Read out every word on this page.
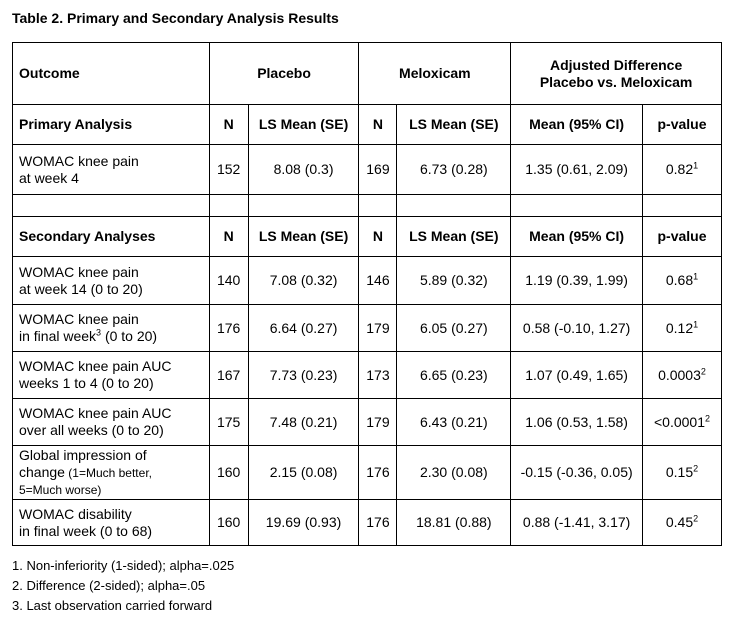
Table 2. Primary and Secondary Analysis Results
Outcome	Placebo		Meloxicam		Adjusted Difference
Placebo vs. Meloxicam	

Primary Analysis	N	LS Mean (SE)	N	LS Mean (SE)	Mean (95% CI)	p-value

WOMAC knee pain
at week 4	152	8.08 (0.3)	169	6.73 (0.28)	1.35 (0.61, 2.09)	0.82$^1$

Secondary Analyses	N	LS Mean (SE)	N	LS Mean (SE)	Mean (95% CI)	p-value

WOMAC knee pain
at week 14 (0 to 20)	140	7.08 (0.32)	146	5.89 (0.32)	1.19 (0.39, 1.99)	0.68$^1$

WOMAC knee pain
in final week$^3$ (0 to 20)	176	6.64 (0.27)	179	6.05 (0.27)	0.58 (-0.10, 1.27)	0.12$^1$

WOMAC knee pain AUC
weeks 1 to 4 (0 to 20)	167	7.73 (0.23)	173	6.65 (0.23)	1.07 (0.49, 1.65)	0.0003$^2$

WOMAC knee pain AUC
over all weeks (0 to 20)	175	7.48 (0.21)	179	6.43 (0.21)	1.06 (0.53, 1.58)	$<0.0001^2$

Global impression of
change (1=Much better,
5=Much worse)	160	2.15 (0.08)	176	2.30 (0.08)	-0.15 (-0.36, 0.05)	0.15$^2$

WOMAC disability
in final week (0 to 68)	160	19.69 (0.93)	176	18.81 (0.88)	0.88 (-1.41, 3.17)	0.45$^2$
1. Non-inferiority (1-sided); alpha=.025
2. Difference (2-sided); alpha=.05
3. Last observation carried forward
